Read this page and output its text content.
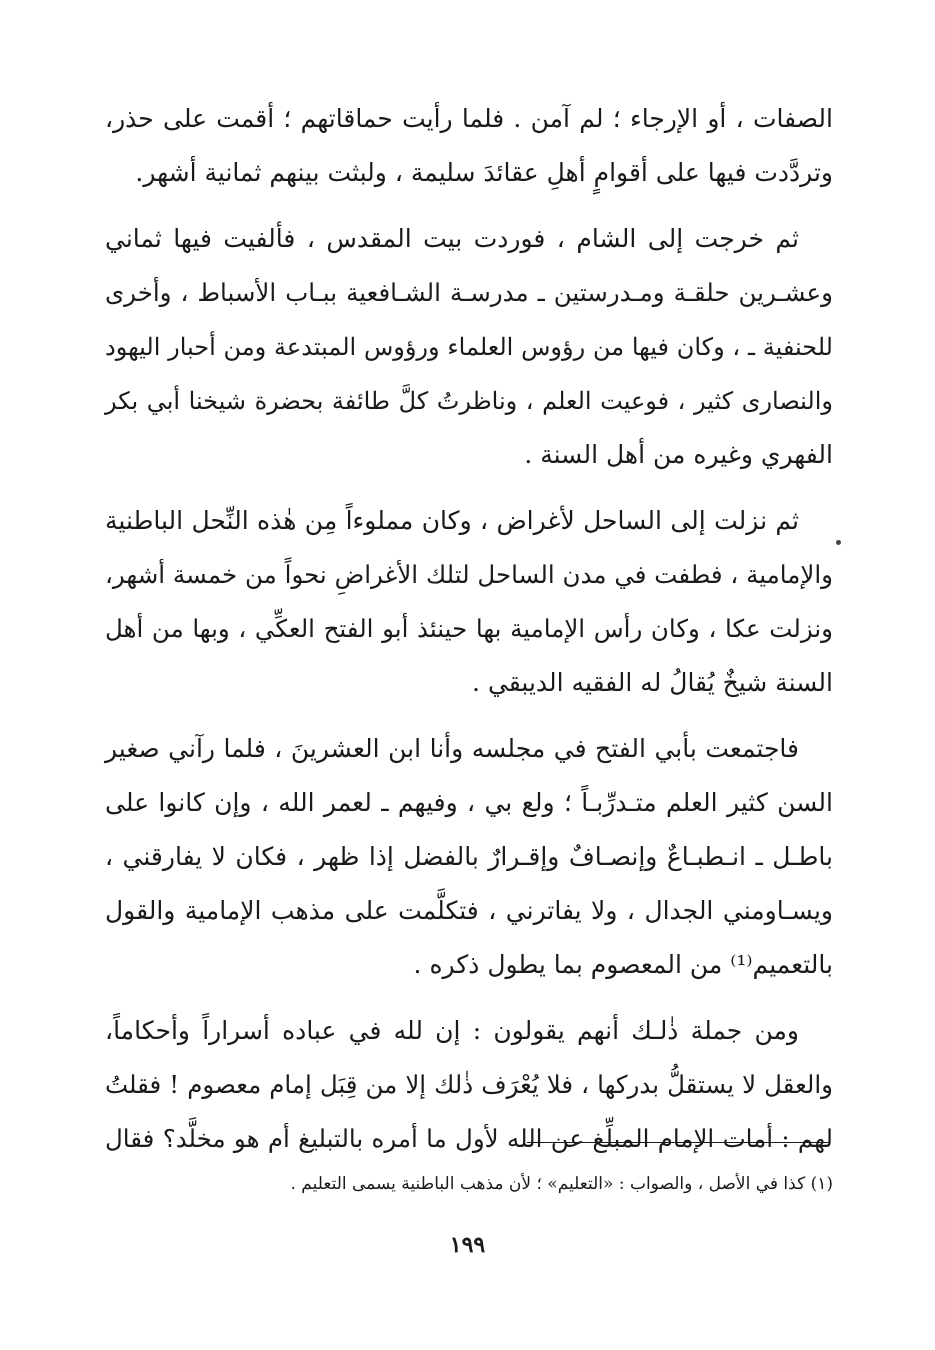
الصفات ، أو الإرجاء ؛ لم آمن . فلما رأيت حماقاتهم ؛ أقمت على حذر،
وتردَّدت فيها على أقوامٍ أهلِ عقائدَ سليمة ، ولبثت بينهم ثمانية أشهر.
ثم خرجت إلى الشام ، فوردت بيت المقدس ، فألفيت فيها ثماني
وعشـرين حلقـة ومـدرستين ـ مدرسـة الشـافعية ببـاب الأسباط ، وأخرى
للحنفية ـ ، وكان فيها من رؤوس العلماء ورؤوس المبتدعة ومن أحبار اليهود
والنصارى كثير ، فوعيت العلم ، وناظرتُ كلَّ طائفة بحضرة شيخنا أبي بكر
الفهري وغيره من أهل السنة .
ثم نزلت إلى الساحل لأغراض ، وكان مملوءاً مِن هٰذه النِّحل الباطنية
والإمامية ، فطفت في مدن الساحل لتلك الأغراضِ نحواً من خمسة أشهر،
ونزلت عكا ، وكان رأس الإمامية بها حينئذ أبو الفتح العكِّي ، وبها من أهل
السنة شيخٌ يُقالُ له الفقيه الديبقي .
فاجتمعت بأبي الفتح في مجلسه وأنا ابن العشرينَ ، فلما رآني صغير
السن كثير العلم متـدرِّبـاً ؛ ولع بي ، وفيهم ـ لعمر الله ، وإن كانوا على
باطـل ـ انـطبـاعٌ وإنصـافٌ وإقـرارٌ بالفضل إذا ظهر ، فكان لا يفارقني ،
ويسـاومني الجدال ، ولا يفاترني ، فتكلَّمت على مذهب الإمامية والقول
بالتعميم⁽¹⁾ من المعصوم بما يطول ذكره .
ومن جملة ذٰلـك أنهم يقولون : إن لله في عباده أسراراً وأحكاماً،
والعقل لا يستقلُّ بدركها ، فلا يُعْرَف ذٰلك إلا من قِبَل إمام معصوم ! فقلتُ
لهم : أمات الإمام المبلِّغ عن الله لأول ما أمره بالتبليغ أم هو مخلَّد؟ فقال
(١) كذا في الأصل ، والصواب : «التعليم» ؛ لأن مذهب الباطنية يسمى التعليم .
١٩٩
